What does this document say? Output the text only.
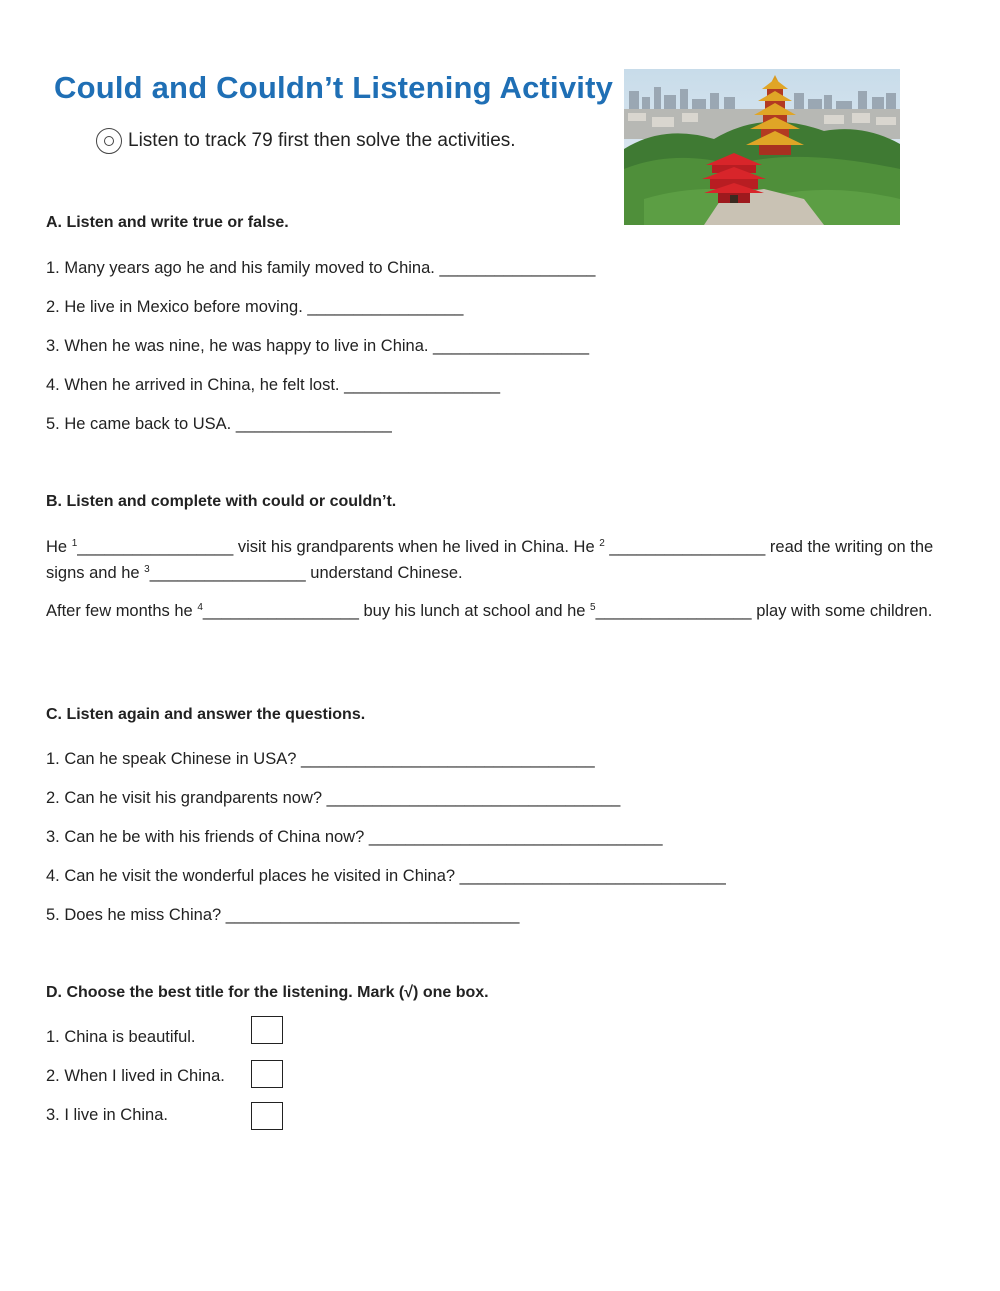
Could and Couldn’t Listening Activity
Listen to track 79 first then solve the activities.
A. Listen and write true or false.
1. Many years ago he and his family moved to China. _________________
2. He live in Mexico before moving. _________________
3. When he was nine, he was happy to live in China. _________________
4. When he arrived in China, he felt lost. _________________
5. He came back to USA. _________________
B. Listen and complete with could or couldn’t.
He $^1$_________________ visit his grandparents when he lived in China. He $^2$ _________________ read the writing on the signs and he $^3$_________________ understand Chinese.
After few months he $^4$_________________ buy his lunch at school and he $^5$_________________ play with some children.
C. Listen again and answer the questions.
1. Can he speak Chinese in USA? ________________________________
2. Can he visit his grandparents now? ________________________________
3. Can he be with his friends of China now? ________________________________
4. Can he visit the wonderful places he visited in China? _____________________________
5. Does he miss China? ________________________________
D. Choose the best title for the listening. Mark (√) one box.
1. China is beautiful.
2. When I lived in China.
3. I live in China.
